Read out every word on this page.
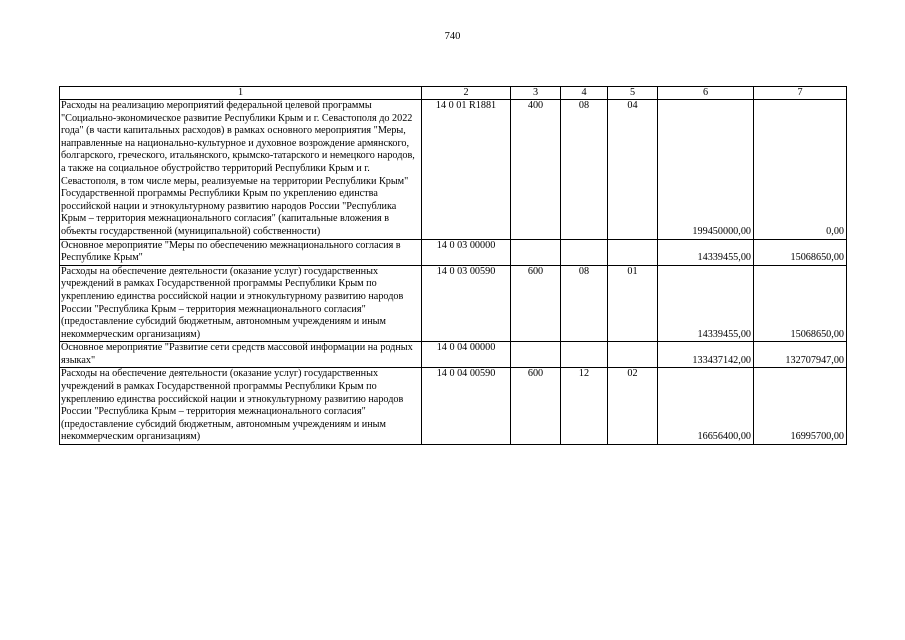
740
1	2	3	4	5	6	7
Расходы на реализацию мероприятий федеральной целевой программы "Социально-экономическое развитие Республики Крым и г. Севастополя до 2022 года" (в части капитальных расходов) в рамках основного мероприятия "Меры, направленные на национально-культурное и духовное возрождение армянского, болгарского, греческого, итальянского, крымско-татарского и немецкого народов, а также на социальное обустройство территорий Республики Крым и г. Севастополя, в том числе меры, реализуемые на территории Республики Крым" Государственной программы Республики Крым по укреплению единства российской нации и этнокультурному развитию народов России "Республика Крым – территория межнационального согласия" (капитальные вложения в объекты государственной (муниципальной) собственности)	14 0 01 R1881	400	08	04	199450000,00	0,00
Основное мероприятие "Меры по обеспечению межнационального согласия в Республике Крым"	14 0 03 00000				14339455,00	15068650,00
Расходы на обеспечение деятельности (оказание услуг) государственных учреждений в рамках Государственной программы Республики Крым по укреплению единства российской нации и этнокультурному развитию народов России "Республика Крым – территория межнационального согласия" (предоставление субсидий бюджетным, автономным учреждениям и иным некоммерческим организациям)	14 0 03 00590	600	08	01	14339455,00	15068650,00
Основное мероприятие "Развитие сети средств массовой информации на родных языках"	14 0 04 00000				133437142,00	132707947,00
Расходы на обеспечение деятельности (оказание услуг) государственных учреждений в рамках Государственной программы Республики Крым по укреплению единства российской нации и этнокультурному развитию народов России "Республика Крым – территория межнационального согласия" (предоставление субсидий бюджетным, автономным учреждениям и иным некоммерческим организациям)	14 0 04 00590	600	12	02	16656400,00	16995700,00
